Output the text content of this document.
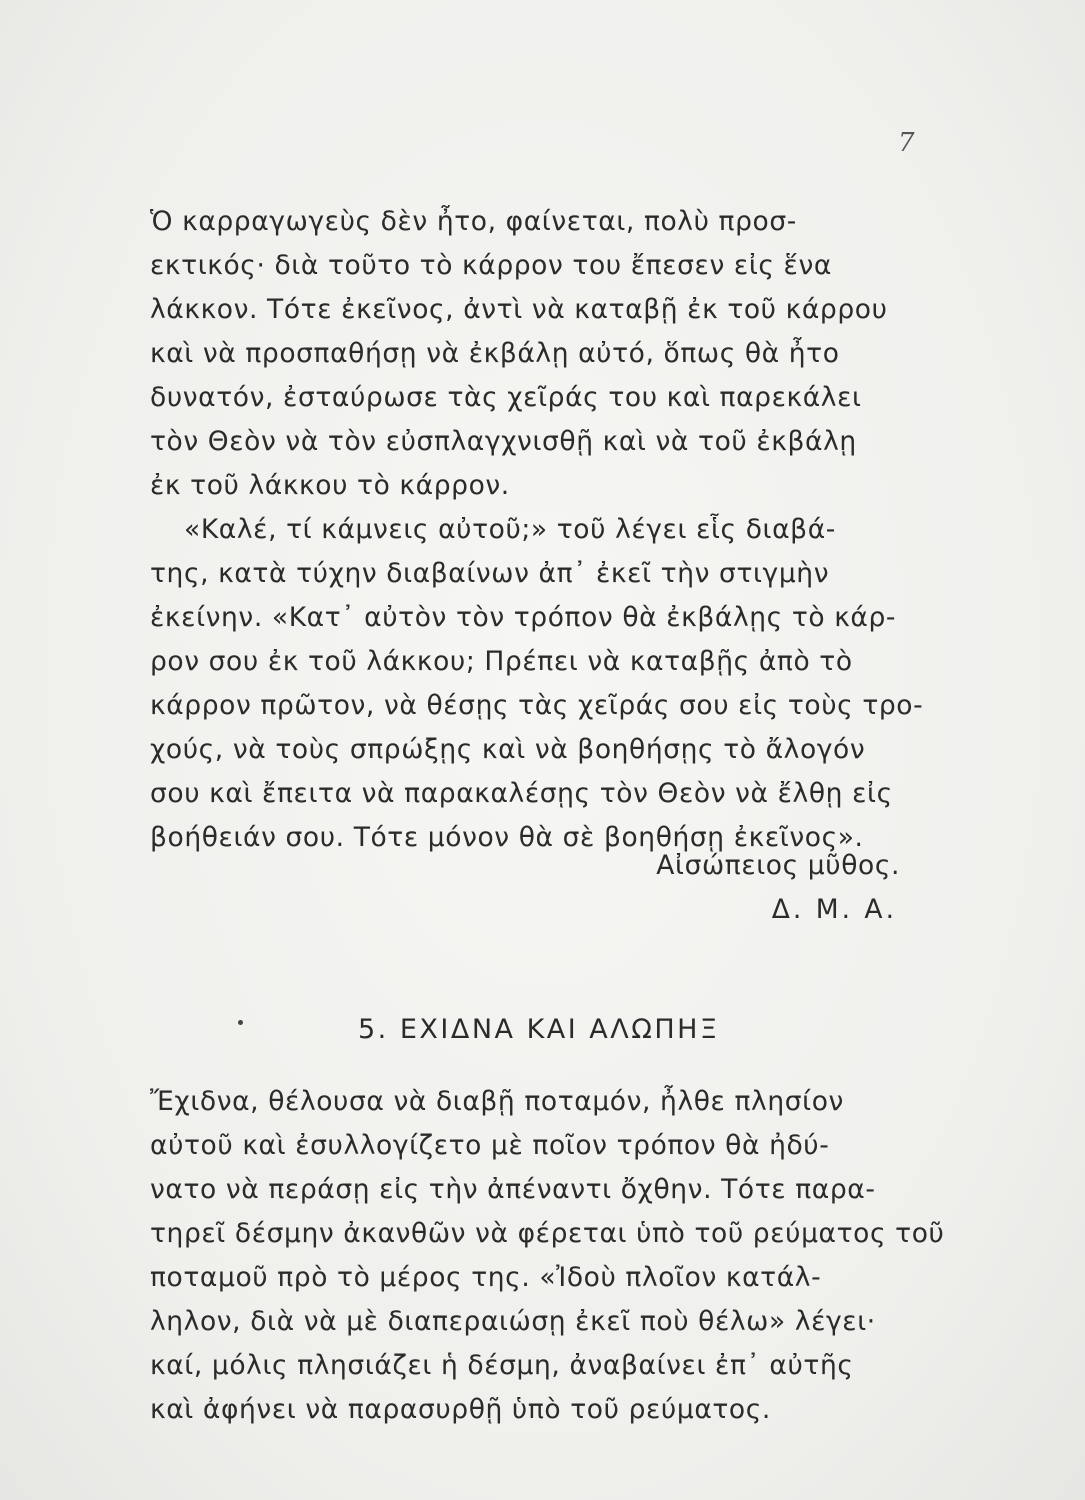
7
Ὁ καρραγωγεὺς δὲν ἦτο, φαίνεται, πολὺ προσ-
εκτικός· διὰ τοῦτο τὸ κάρρον του ἔπεσεν εἰς ἕνα
λάκκον. Τότε ἐκεῖνος, ἀντὶ νὰ καταβῇ ἐκ τοῦ κάρρου
καὶ νὰ προσπαθήσῃ νὰ ἐκβάλῃ αὐτό, ὅπως θὰ ἦτο
δυνατόν, ἐσταύρωσε τὰς χεῖράς του καὶ παρεκάλει
τὸν Θεὸν νὰ τὸν εὐσπλαγχνισθῇ καὶ νὰ τοῦ ἐκβάλῃ
ἐκ τοῦ λάκκου τὸ κάρρον.
«Καλέ, τί κάμνεις αὐτοῦ;» τοῦ λέγει εἷς διαβά-
της, κατὰ τύχην διαβαίνων ἀπ᾽ ἐκεῖ τὴν στιγμὴν
ἐκείνην. «Κατ᾽ αὐτὸν τὸν τρόπον θὰ ἐκβάλῃς τὸ κάρ-
ρον σου ἐκ τοῦ λάκκου; Πρέπει νὰ καταβῇς ἀπὸ τὸ
κάρρον πρῶτον, νὰ θέσῃς τὰς χεῖράς σου εἰς τοὺς τρο-
χούς, νὰ τοὺς σπρώξῃς καὶ νὰ βοηθήσῃς τὸ ἄλογόν
σου καὶ ἔπειτα νὰ παρακαλέσῃς τὸν Θεὸν νὰ ἔλθῃ εἰς
βοήθειάν σου. Τότε μόνον θὰ σὲ βοηθήσῃ ἐκεῖνος».
Αἰσώπειος μῦθος.
Δ. Μ. Α.
5. ΕΧΙΔΝΑ ΚΑΙ ΑΛΩΠΗΞ
Ἔχιδνα, θέλουσα νὰ διαβῇ ποταμόν, ἦλθε πλησίον
αὐτοῦ καὶ ἐσυλλογίζετο μὲ ποῖον τρόπον θὰ ἠδύ-
νατο νὰ περάσῃ εἰς τὴν ἀπέναντι ὄχθην. Τότε παρα-
τηρεῖ δέσμην ἀκανθῶν νὰ φέρεται ὑπὸ τοῦ ρεύματος τοῦ
ποταμοῦ πρὸ τὸ μέρος της. «Ἰδοὺ πλοῖον κατάλ-
ληλον, διὰ νὰ μὲ διαπεραιώσῃ ἐκεῖ ποὺ θέλω» λέγει·
καί, μόλις πλησιάζει ἡ δέσμη, ἀναβαίνει ἐπ᾽ αὐτῆς
καὶ ἀφήνει νὰ παρασυρθῇ ὑπὸ τοῦ ρεύματος.
